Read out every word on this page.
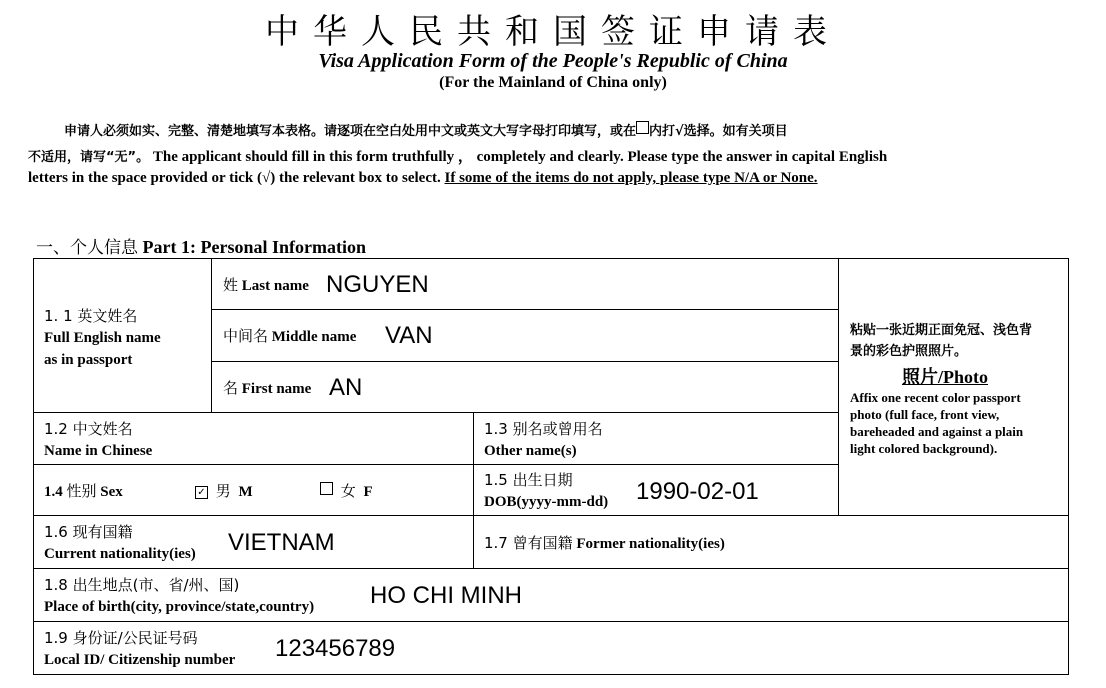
中华人民共和国签证申请表
Visa Application Form of the People's Republic of China
(For the Mainland of China only)
申请人必须如实、完整、清楚地填写本表格。请逐项在空白处用中文或英文大写字母打印填写，或在 内打√选择。如有关项目
不适用，请写“无”。 The applicant should fill in this form truthfully ， completely and clearly. Please type the answer in capital English
letters in the space provided or tick (√) the relevant box to select. If some of the items do not apply, please type N/A or None.
一、个人信息 Part 1: Personal Information
1. 1 英文姓名
Full English name
as in passport
姓 Last name NGUYEN
中间名 Middle name VAN
名 First name AN
粘贴一张近期正面免冠、浅色背
景的彩色护照照片。
照片/Photo
Affix one recent color passport
photo (full face, front view,
bareheaded and against a plain
light colored background).
1.2 中文姓名
Name in Chinese
1.3 别名或曾用名
Other name(s)
1.4 性别 Sex	✓ 男 M	女 F
1.5 出生日期
DOB(yyyy-mm-dd) 1990-02-01
1.6 现有国籍
Current nationality(ies) VIETNAM	1.7 曾有国籍 Former nationality(ies)
1.8 出生地点(市、省/州、国)
Place of birth(city, province/state,country) HO CHI MINH
1.9 身份证/公民证号码
Local ID/ Citizenship number 123456789
